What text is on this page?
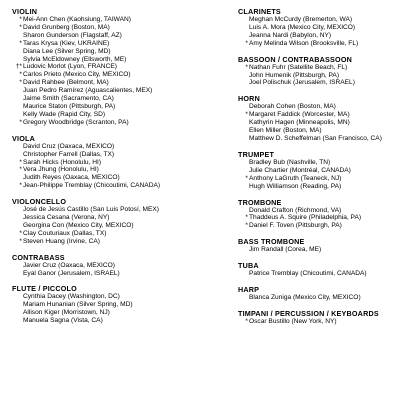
VIOLIN
* Mei-Ann Chen (Kaohsiung, TAIWAN)
* David Grunberg (Boston, MA)
Sharon Gunderson (Flagstaff, AZ)
* Taras Krysa (Kiev, UKRAINE)
Diana Lee (Silver Spring, MD)
Sylvia McEldowney (Ellsworth, ME)
†* Ludovic Morlot (Lyon, FRANCE)
* Carlos Prieto (Mexico City, MEXICO)
* David Rahbee (Belmont, MA)
Juan Pedro Ramírez (Aguascalientes, MEX)
Jaime Smith (Sacramento, CA)
Maurice Staton (Pittsburgh, PA)
Kelly Wade (Rapid City, SD)
* Gregory Woodbridge (Scranton, PA)
VIOLA
David Cruz (Oaxaca, MEXICO)
Christopher Farrell (Dallas, TX)
* Sarah Hicks (Honolulu, HI)
* Vera Jhung (Honolulu, HI)
Judith Reyes (Oaxaca, MEXICO)
* Jean-Philippe Tremblay (Chicoutimi, CANADA)
VIOLONCELLO
José de Jesús Castillo (San Luis Potosí, MEX)
Jessica Cesana (Verona, NY)
Georgina Con (Mexico City, MEXICO)
* Clay Couturiaux (Dallas, TX)
* Steven Huang (Irvine, CA)
CONTRABASS
Javier Cruz (Oaxaca, MEXICO)
Eyal Ganor (Jerusalem, ISRAEL)
FLUTE / PICCOLO
Cynthia Dacey (Washington, DC)
Mariam Hunanian (Silver Spring, MD)
Allison Kiger (Morristown, NJ)
Manuela Sagna (Vista, CA)
CLARINETS
Meghan McCurdy (Bremerton, WA)
Luis A. Mora (Mexico City, MEXICO)
Jeanna Nardi (Babylon, NY)
* Amy Melinda Wilson (Brooksville, FL)
BASSOON / CONTRABASSOON
* Nathan Fuhr (Satellite Beach, FL)
John Humenik (Pittsburgh, PA)
Joel Polischuk (Jerusalem, ISRAEL)
HORN
Deborah Cohen (Boston, MA)
* Margaret Faddick (Worcester, MA)
Kathyrin Hagen (Minneapolis, MN)
Ellen Miller (Boston, MA)
Matthew D. Scheffelman (San Francisco, CA)
TRUMPET
Bradley Bub (Nashville, TN)
Julie Chartier (Montréal, CANADA)
* Anthony LaGruth (Teaneck, NJ)
Hugh Williamson (Reading, PA)
TROMBONE
Donald Crafton (Richmond, VA)
* Thaddeus A. Squire (Philadelphia, PA)
* Daniel F. Toven (Pittsburgh, PA)
BASS TROMBONE
Jim Randall (Corea, ME)
TUBA
Patrice Tremblay (Chicoutimi, CANADA)
HARP
Blanca Zuniga (Mexico City, MEXICO)
TIMPANI / PERCUSSION / KEYBOARDS
* Oscar Bustillo (New York, NY)
